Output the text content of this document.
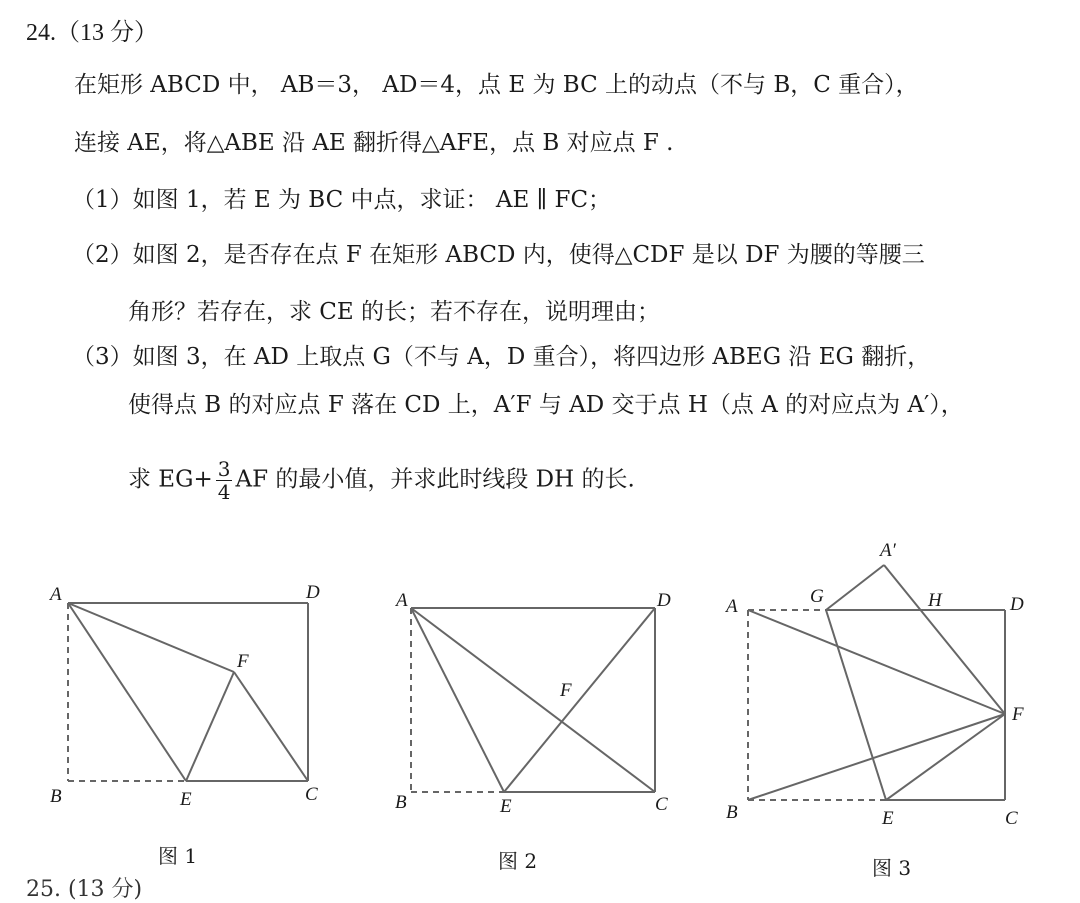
24.（13 分）
在矩形 ABCD 中， AB＝3， AD＝4，点 E 为 BC 上的动点（不与 B，C 重合），
连接 AE，将△ABE 沿 AE 翻折得△AFE，点 B 对应点 F .
（1）如图 1，若 E 为 BC 中点，求证： AE ∥ FC；
（2）如图 2，是否存在点 F 在矩形 ABCD 内，使得△CDF 是以 DF 为腰的等腰三
角形？若存在，求 CE 的长；若不存在，说明理由；
（3）如图 3，在 AD 上取点 G（不与 A，D 重合），将四边形 ABEG 沿 EG 翻折，
使得点 B 的对应点 F 落在 CD 上，A′F 与 AD 交于点 H（点 A 的对应点为 A′），
求 $EG+ \frac{3}{4}$ AF 的最小值，并求此时线段 DH 的长.
A	D
B	E	C
F
A	D
B	E	C
F
A	G	H	D
A′
F
B	E	C
图 1	图 2	图 3
25. (13 分)
